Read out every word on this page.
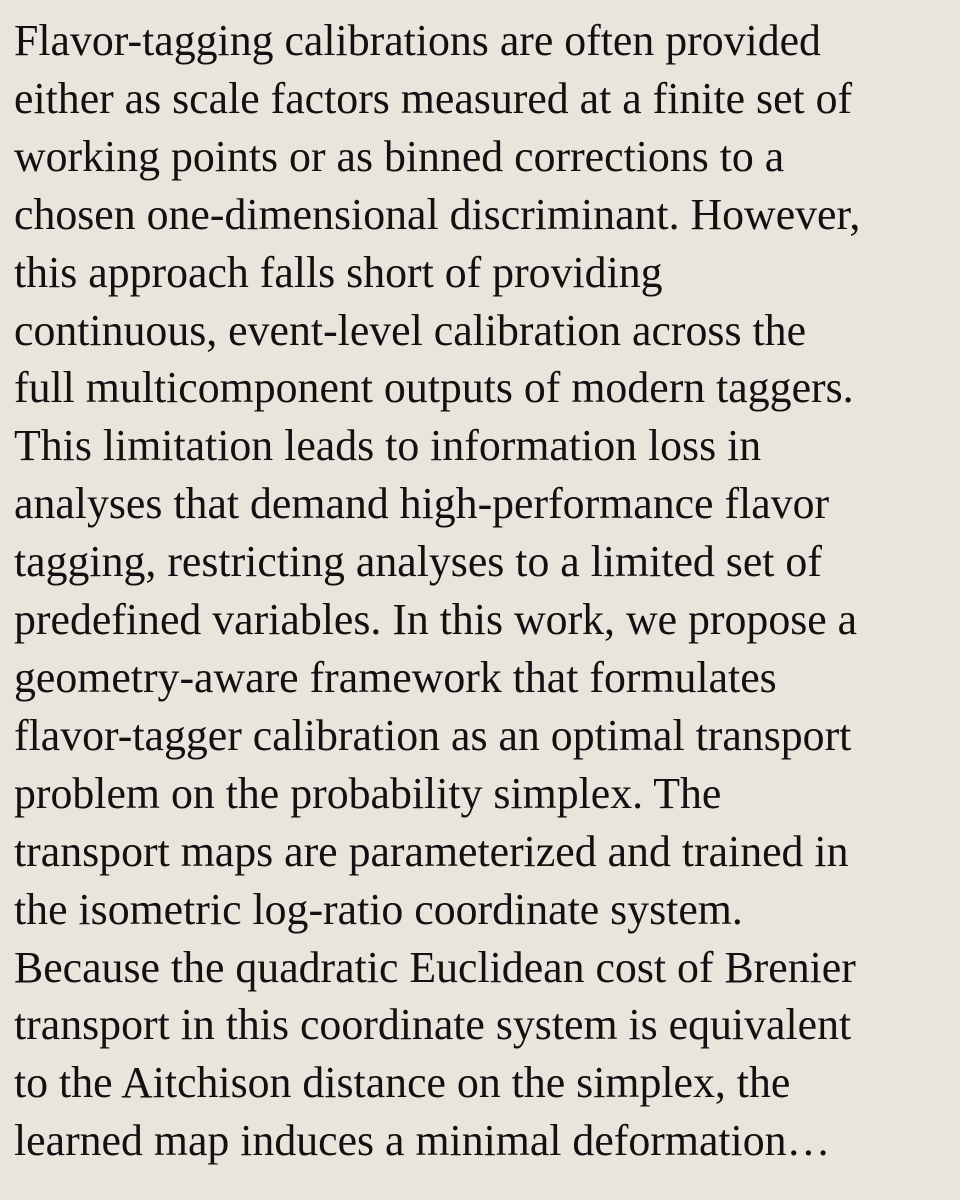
Flavor-tagging calibrations are often provided
either as scale factors measured at a finite set of
working points or as binned corrections to a
chosen one-dimensional discriminant. However,
this approach falls short of providing
continuous, event-level calibration across the
full multicomponent outputs of modern taggers.
This limitation leads to information loss in
analyses that demand high-performance flavor
tagging, restricting analyses to a limited set of
predefined variables. In this work, we propose a
geometry-aware framework that formulates
flavor-tagger calibration as an optimal transport
problem on the probability simplex. The
transport maps are parameterized and trained in
the isometric log-ratio coordinate system.
Because the quadratic Euclidean cost of Brenier
transport in this coordinate system is equivalent
to the Aitchison distance on the simplex, the
learned map induces a minimal deformation…
